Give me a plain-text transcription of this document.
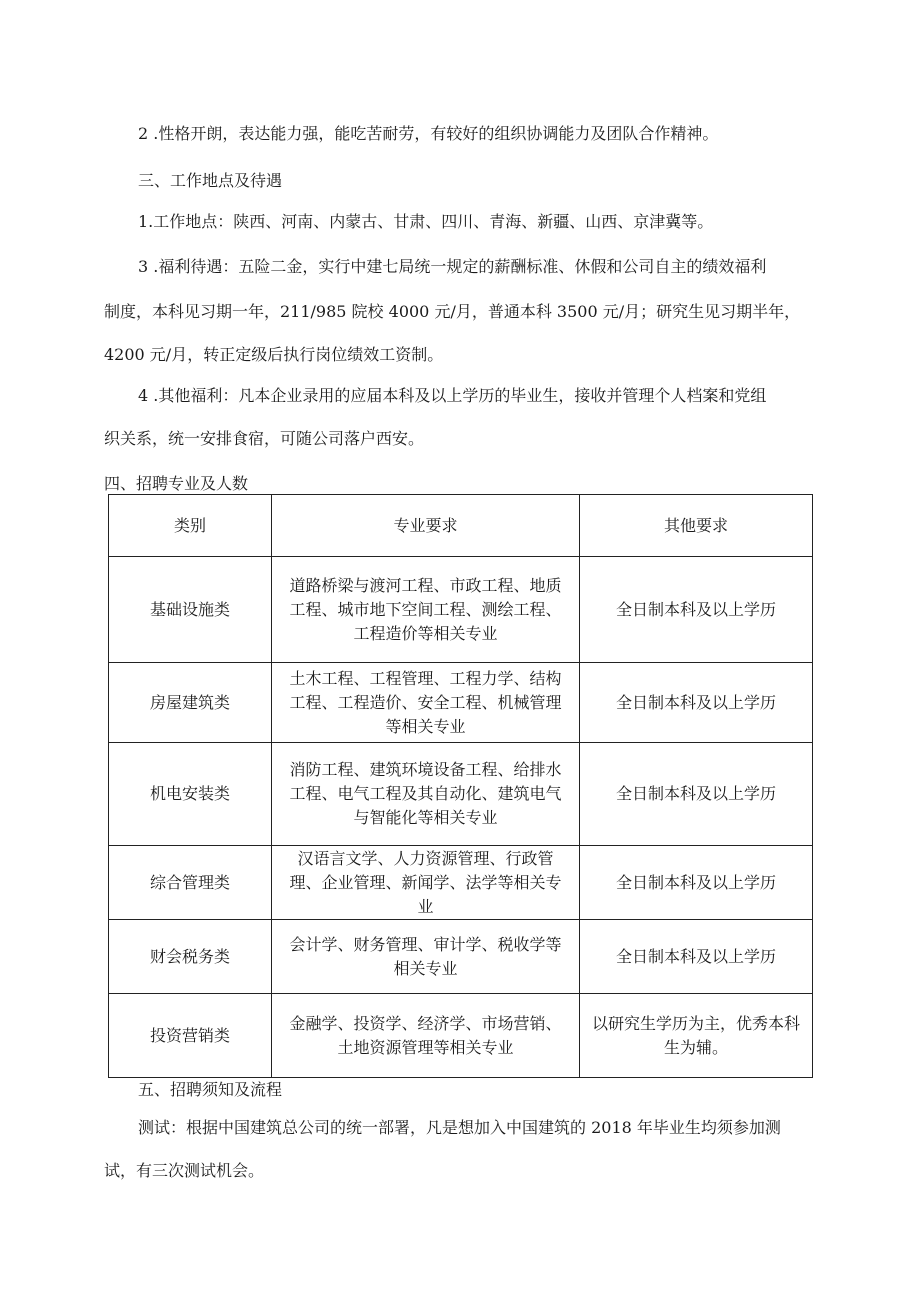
2 .性格开朗，表达能力强，能吃苦耐劳，有较好的组织协调能力及团队合作精神。
三、工作地点及待遇
1.工作地点：陕西、河南、内蒙古、甘肃、四川、青海、新疆、山西、京津冀等。
3 .福利待遇：五险二金，实行中建七局统一规定的薪酬标准、休假和公司自主的绩效福利
制度，本科见习期一年，211/985 院校 4000 元/月，普通本科 3500 元/月；研究生见习期半年，
4200 元/月，转正定级后执行岗位绩效工资制。
4 .其他福利：凡本企业录用的应届本科及以上学历的毕业生，接收并管理个人档案和党组
织关系，统一安排食宿，可随公司落户西安。
四、招聘专业及人数
类别	专业要求	其他要求
基础设施类	道路桥梁与渡河工程、市政工程、地质工程、城市地下空间工程、测绘工程、工程造价等相关专业	全日制本科及以上学历
房屋建筑类	土木工程、工程管理、工程力学、结构工程、工程造价、安全工程、机械管理等相关专业	全日制本科及以上学历
机电安装类	消防工程、建筑环境设备工程、给排水工程、电气工程及其自动化、建筑电气与智能化等相关专业	全日制本科及以上学历
综合管理类	汉语言文学、人力资源管理、行政管理、企业管理、新闻学、法学等相关专业	全日制本科及以上学历
财会税务类	会计学、财务管理、审计学、税收学等相关专业	全日制本科及以上学历
投资营销类	金融学、投资学、经济学、市场营销、土地资源管理等相关专业	以研究生学历为主，优秀本科生为辅。
五、招聘须知及流程
测试：根据中国建筑总公司的统一部署，凡是想加入中国建筑的 2018 年毕业生均须参加测
试，有三次测试机会。
